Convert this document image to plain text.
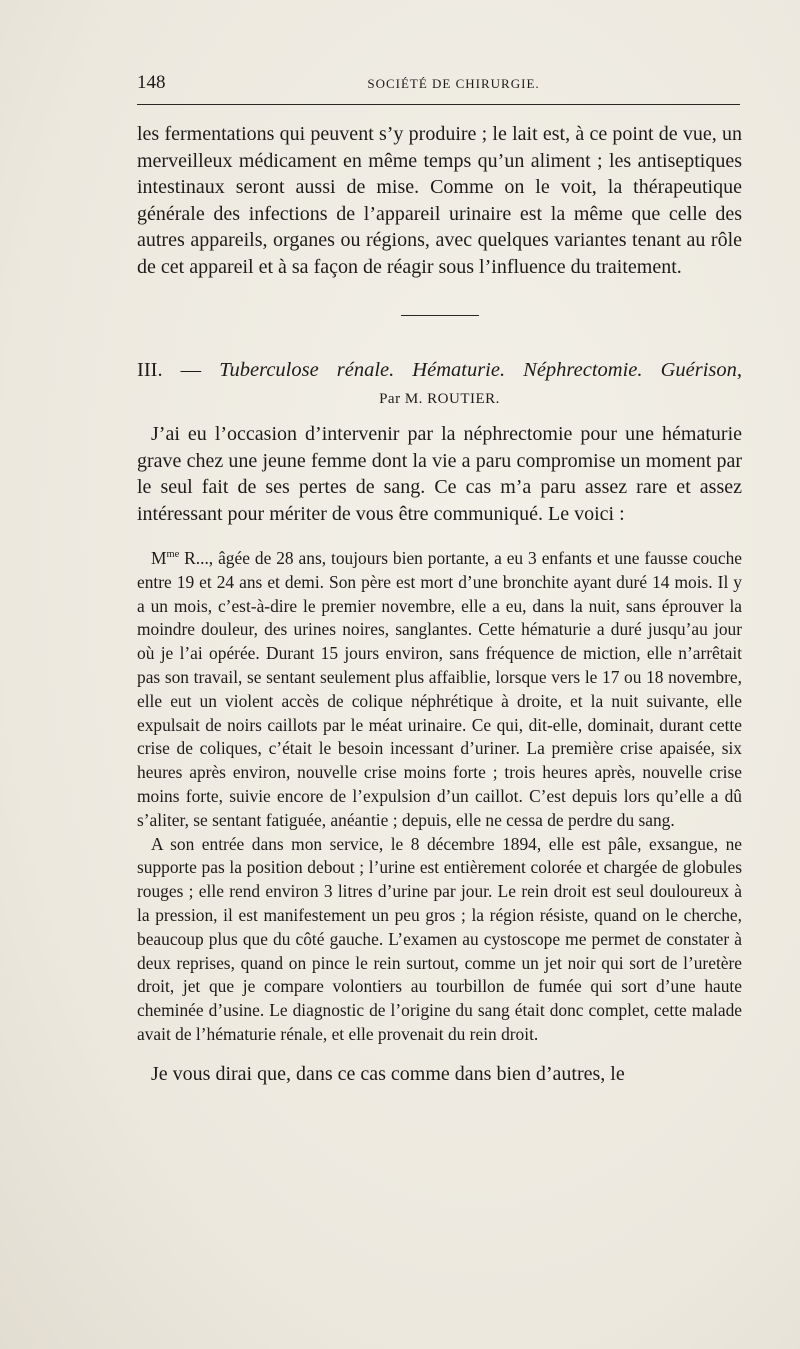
148	SOCIÉTÉ DE CHIRURGIE.

les fermentations qui peuvent s’y produire ; le lait est, à ce point de vue, un merveilleux médicament en même temps qu’un aliment ; les antiseptiques intestinaux seront aussi de mise. Comme on le voit, la thérapeutique générale des infections de l’appareil urinaire est la même que celle des autres appareils, organes ou régions, avec quelques variantes tenant au rôle de cet appareil et à sa façon de réagir sous l’influence du traitement.

III. — Tuberculose rénale. Hématurie. Néphrectomie. Guérison,
Par M. ROUTIER.

J’ai eu l’occasion d’intervenir par la néphrectomie pour une hématurie grave chez une jeune femme dont la vie a paru compromise un moment par le seul fait de ses pertes de sang. Ce cas m’a paru assez rare et assez intéressant pour mériter de vous être communiqué. Le voici :

$M^{me}$ R..., âgée de 28 ans, toujours bien portante, a eu 3 enfants et une fausse couche entre 19 et 24 ans et demi. Son père est mort d’une bronchite ayant duré 14 mois. Il y a un mois, c’est-à-dire le premier novembre, elle a eu, dans la nuit, sans éprouver la moindre douleur, des urines noires, sanglantes. Cette hématurie a duré jusqu’au jour où je l’ai opérée. Durant 15 jours environ, sans fréquence de miction, elle n’arrêtait pas son travail, se sentant seulement plus affaiblie, lorsque vers le 17 ou 18 novembre, elle eut un violent accès de colique néphrétique à droite, et la nuit suivante, elle expulsait de noirs caillots par le méat urinaire. Ce qui, dit-elle, dominait, durant cette crise de coliques, c’était le besoin incessant d’uriner. La première crise apaisée, six heures après environ, nouvelle crise moins forte ; trois heures après, nouvelle crise moins forte, suivie encore de l’expulsion d’un caillot. C’est depuis lors qu’elle a dû s’aliter, se sentant fatiguée, anéantie ; depuis, elle ne cessa de perdre du sang.

A son entrée dans mon service, le 8 décembre 1894, elle est pâle, exsangue, ne supporte pas la position debout ; l’urine est entièrement colorée et chargée de globules rouges ; elle rend environ 3 litres d’urine par jour. Le rein droit est seul douloureux à la pression, il est manifestement un peu gros ; la région résiste, quand on le cherche, beaucoup plus que du côté gauche. L’examen au cystoscope me permet de constater à deux reprises, quand on pince le rein surtout, comme un jet noir qui sort de l’uretère droit, jet que je compare volontiers au tourbillon de fumée qui sort d’une haute cheminée d’usine. Le diagnostic de l’origine du sang était donc complet, cette malade avait de l’hématurie rénale, et elle provenait du rein droit.

Je vous dirai que, dans ce cas comme dans bien d’autres, le
